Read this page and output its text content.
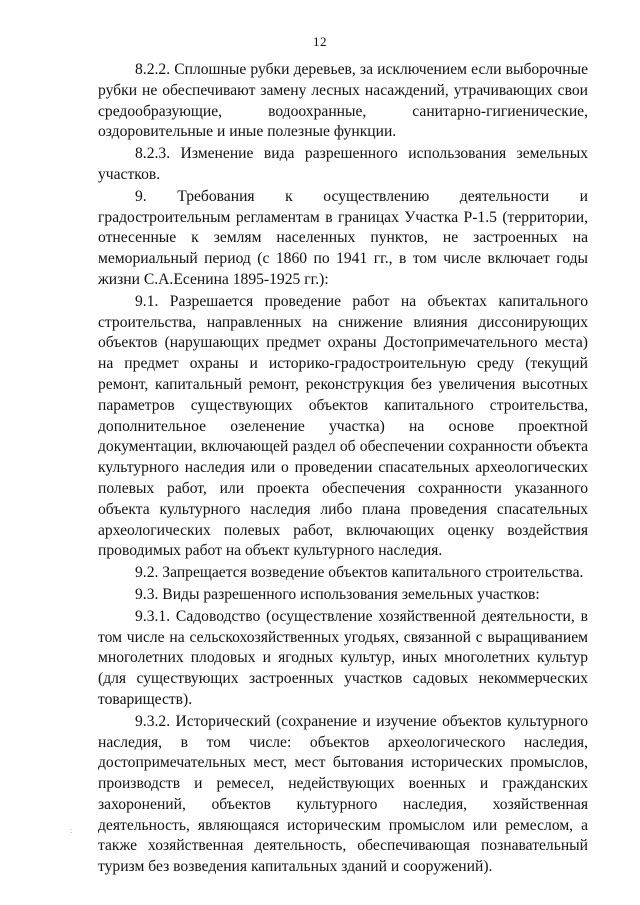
12

8.2.2. Сплошные рубки деревьев, за исключением если выборочные рубки не обеспечивают замену лесных насаждений, утрачивающих свои средообразующие, водоохранные, санитарно-гигиенические, оздоровительные и иные полезные функции.

8.2.3. Изменение вида разрешенного использования земельных участков.

9. Требования к осуществлению деятельности и градостроительным регламентам в границах Участка Р-1.5 (территории, отнесенные к землям населенных пунктов, не застроенных на мемориальный период (с 1860 по 1941 гг., в том числе включает годы жизни С.А.Есенина 1895-1925 гг.):

9.1. Разрешается проведение работ на объектах капитального строительства, направленных на снижение влияния диссонирующих объектов (нарушающих предмет охраны Достопримечательного места) на предмет охраны и историко-градостроительную среду (текущий ремонт, капитальный ремонт, реконструкция без увеличения высотных параметров существующих объектов капитального строительства, дополнительное озеленение участка) на основе проектной документации, включающей раздел об обеспечении сохранности объекта культурного наследия или о проведении спасательных археологических полевых работ, или проекта обеспечения сохранности указанного объекта культурного наследия либо плана проведения спасательных археологических полевых работ, включающих оценку воздействия проводимых работ на объект культурного наследия.

9.2. Запрещается возведение объектов капитального строительства.

9.3. Виды разрешенного использования земельных участков:

9.3.1. Садоводство (осуществление хозяйственной деятельности, в том числе на сельскохозяйственных угодьях, связанной с выращиванием многолетних плодовых и ягодных культур, иных многолетних культур (для существующих застроенных участков садовых некоммерческих товариществ).

9.3.2. Исторический (сохранение и изучение объектов культурного наследия, в том числе: объектов археологического наследия, достопримечательных мест, мест бытования исторических промыслов, производств и ремесел, недействующих военных и гражданских захоронений, объектов культурного наследия, хозяйственная деятельность, являющаяся историческим промыслом или ремеслом, а также хозяйственная деятельность, обеспечивающая познавательный туризм без возведения капитальных зданий и сооружений).

:
